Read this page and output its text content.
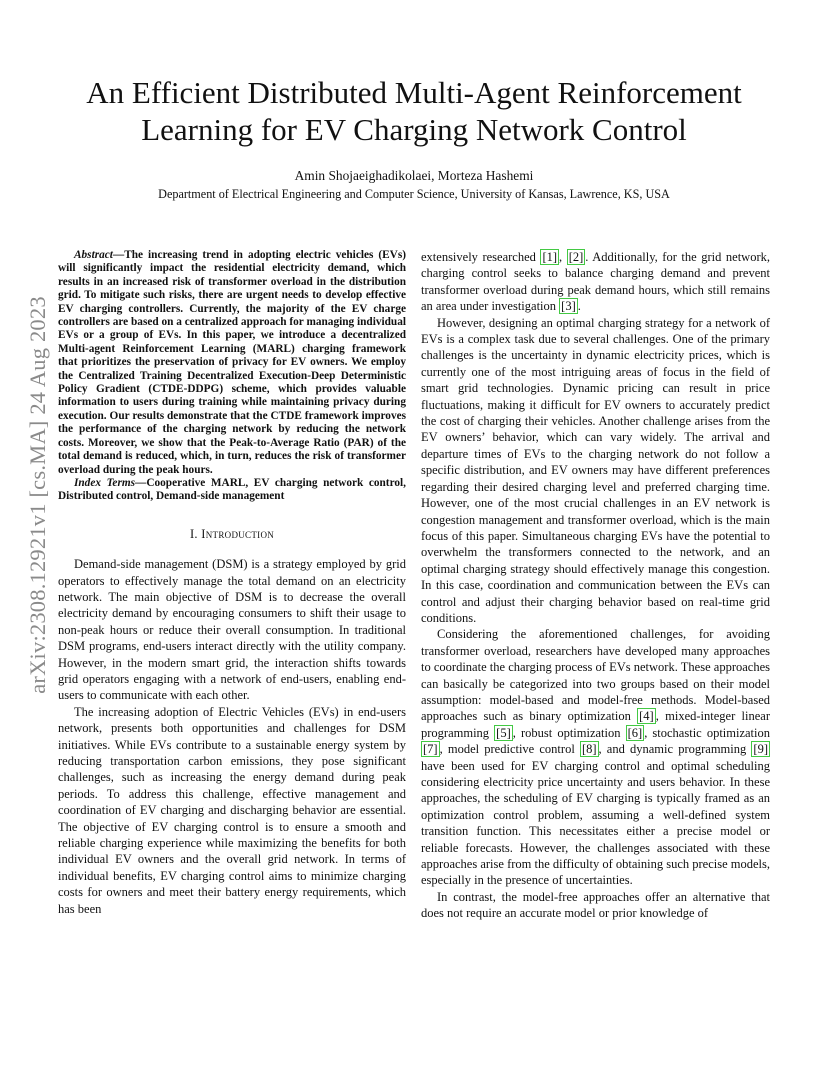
arXiv:2308.12921v1 [cs.MA] 24 Aug 2023
An Efficient Distributed Multi-Agent Reinforcement
Learning for EV Charging Network Control

Amin Shojaeighadikolaei, Morteza Hashemi

Department of Electrical Engineering and Computer Science, University of Kansas, Lawrence, KS, USA

Abstract—The increasing trend in adopting electric vehicles (EVs) will significantly impact the residential electricity demand, which results in an increased risk of transformer overload in the distribution grid. To mitigate such risks, there are urgent needs to develop effective EV charging controllers. Currently, the majority of the EV charge controllers are based on a centralized approach for managing individual EVs or a group of EVs. In this paper, we introduce a decentralized Multi-agent Reinforcement Learning (MARL) charging framework that prioritizes the preservation of privacy for EV owners. We employ the Centralized Training Decentralized Execution-Deep Deterministic Policy Gradient (CTDE-DDPG) scheme, which provides valuable information to users during training while maintaining privacy during execution. Our results demonstrate that the CTDE framework improves the performance of the charging network by reducing the network costs. Moreover, we show that the Peak-to-Average Ratio (PAR) of the total demand is reduced, which, in turn, reduces the risk of transformer overload during the peak hours.

Index Terms—Cooperative MARL, EV charging network control, Distributed control, Demand-side management

I. Introduction

Demand-side management (DSM) is a strategy employed by grid operators to effectively manage the total demand on an electricity network. The main objective of DSM is to decrease the overall electricity demand by encouraging consumers to shift their usage to non-peak hours or reduce their overall consumption. In traditional DSM programs, end-users interact directly with the utility company. However, in the modern smart grid, the interaction shifts towards grid operators engaging with a network of end-users, enabling end-users to communicate with each other.

The increasing adoption of Electric Vehicles (EVs) in end-users network, presents both opportunities and challenges for DSM initiatives. While EVs contribute to a sustainable energy system by reducing transportation carbon emissions, they pose significant challenges, such as increasing the energy demand during peak periods. To address this challenge, effective management and coordination of EV charging and discharging behavior are essential. The objective of EV charging control is to ensure a smooth and reliable charging experience while maximizing the benefits for both individual EV owners and the overall grid network. In terms of individual benefits, EV charging control aims to minimize charging costs for owners and meet their battery energy requirements, which has been

extensively researched [1] , [2] . Additionally, for the grid network, charging control seeks to balance charging demand and prevent transformer overload during peak demand hours, which still remains an area under investigation [3] .

However, designing an optimal charging strategy for a network of EVs is a complex task due to several challenges. One of the primary challenges is the uncertainty in dynamic electricity prices, which is currently one of the most intriguing areas of focus in the field of smart grid technologies. Dynamic pricing can result in price fluctuations, making it difficult for EV owners to accurately predict the cost of charging their vehicles. Another challenge arises from the EV owners’ behavior, which can vary widely. The arrival and departure times of EVs to the charging network do not follow a specific distribution, and EV owners may have different preferences regarding their desired charging level and preferred charging time. However, one of the most crucial challenges in an EV network is congestion management and transformer overload, which is the main focus of this paper. Simultaneous charging EVs have the potential to overwhelm the transformers connected to the network, and an optimal charging strategy should effectively manage this congestion. In this case, coordination and communication between the EVs can control and adjust their charging behavior based on real-time grid conditions.

Considering the aforementioned challenges, for avoiding transformer overload, researchers have developed many approaches to coordinate the charging process of EVs network. These approaches can basically be categorized into two groups based on their model assumption: model-based and model-free methods. Model-based approaches such as binary optimization [4] , mixed-integer linear programming [5] , robust optimization [6] , stochastic optimization [7] , model predictive control [8] , and dynamic programming [9] have been used for EV charging control and optimal scheduling considering electricity price uncertainty and users behavior. In these approaches, the scheduling of EV charging is typically framed as an optimization control problem, assuming a well-defined system transition function. This necessitates either a precise model or reliable forecasts. However, the challenges associated with these approaches arise from the difficulty of obtaining such precise models, especially in the presence of uncertainties.

In contrast, the model-free approaches offer an alternative that does not require an accurate model or prior knowledge of
